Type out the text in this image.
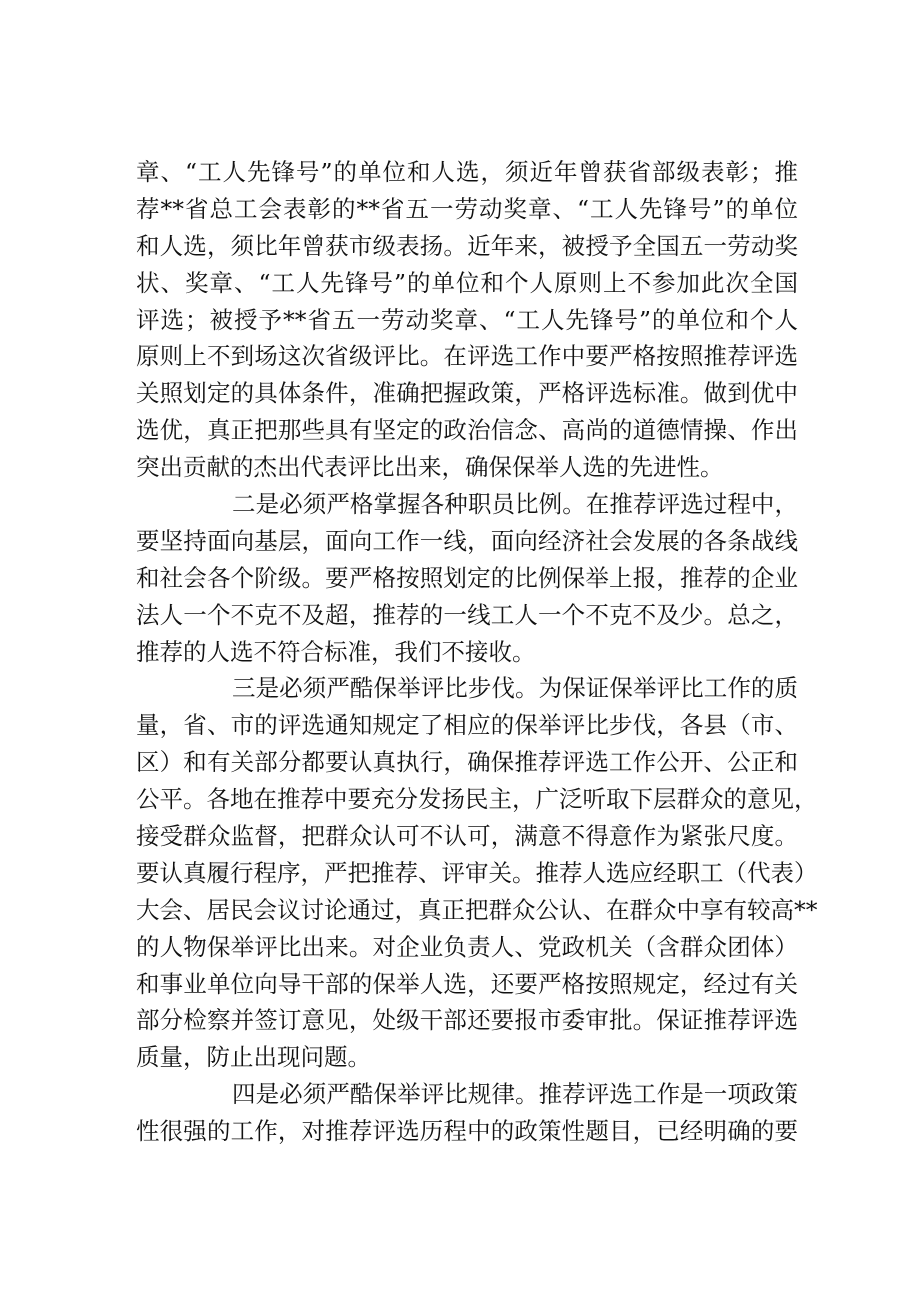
章、“工人先锋号”的单位和人选，须近年曾获省部级表彰；推
荐**省总工会表彰的**省五一劳动奖章、“工人先锋号”的单位
和人选，须比年曾获市级表扬。近年来，被授予全国五一劳动奖
状、奖章、“工人先锋号”的单位和个人原则上不参加此次全国
评选；被授予**省五一劳动奖章、“工人先锋号”的单位和个人
原则上不到场这次省级评比。在评选工作中要严格按照推荐评选
关照划定的具体条件，准确把握政策，严格评选标准。做到优中
选优，真正把那些具有坚定的政治信念、高尚的道德情操、作出
突出贡献的杰出代表评比出来，确保保举人选的先进性。
二是必须严格掌握各种职员比例。在推荐评选过程中，
要坚持面向基层，面向工作一线，面向经济社会发展的各条战线
和社会各个阶级。要严格按照划定的比例保举上报，推荐的企业
法人一个不克不及超，推荐的一线工人一个不克不及少。总之，
推荐的人选不符合标准，我们不接收。
三是必须严酷保举评比步伐。为保证保举评比工作的质
量，省、市的评选通知规定了相应的保举评比步伐，各县（市、
区）和有关部分都要认真执行，确保推荐评选工作公开、公正和
公平。各地在推荐中要充分发扬民主，广泛听取下层群众的意见，
接受群众监督，把群众认可不认可，满意不得意作为紧张尺度。
要认真履行程序，严把推荐、评审关。推荐人选应经职工（代表）
大会、居民会议讨论通过，真正把群众公认、在群众中享有较高**
的人物保举评比出来。对企业负责人、党政机关（含群众团体）
和事业单位向导干部的保举人选，还要严格按照规定，经过有关
部分检察并签订意见，处级干部还要报市委审批。保证推荐评选
质量，防止出现问题。
四是必须严酷保举评比规律。推荐评选工作是一项政策
性很强的工作，对推荐评选历程中的政策性题目，已经明确的要
